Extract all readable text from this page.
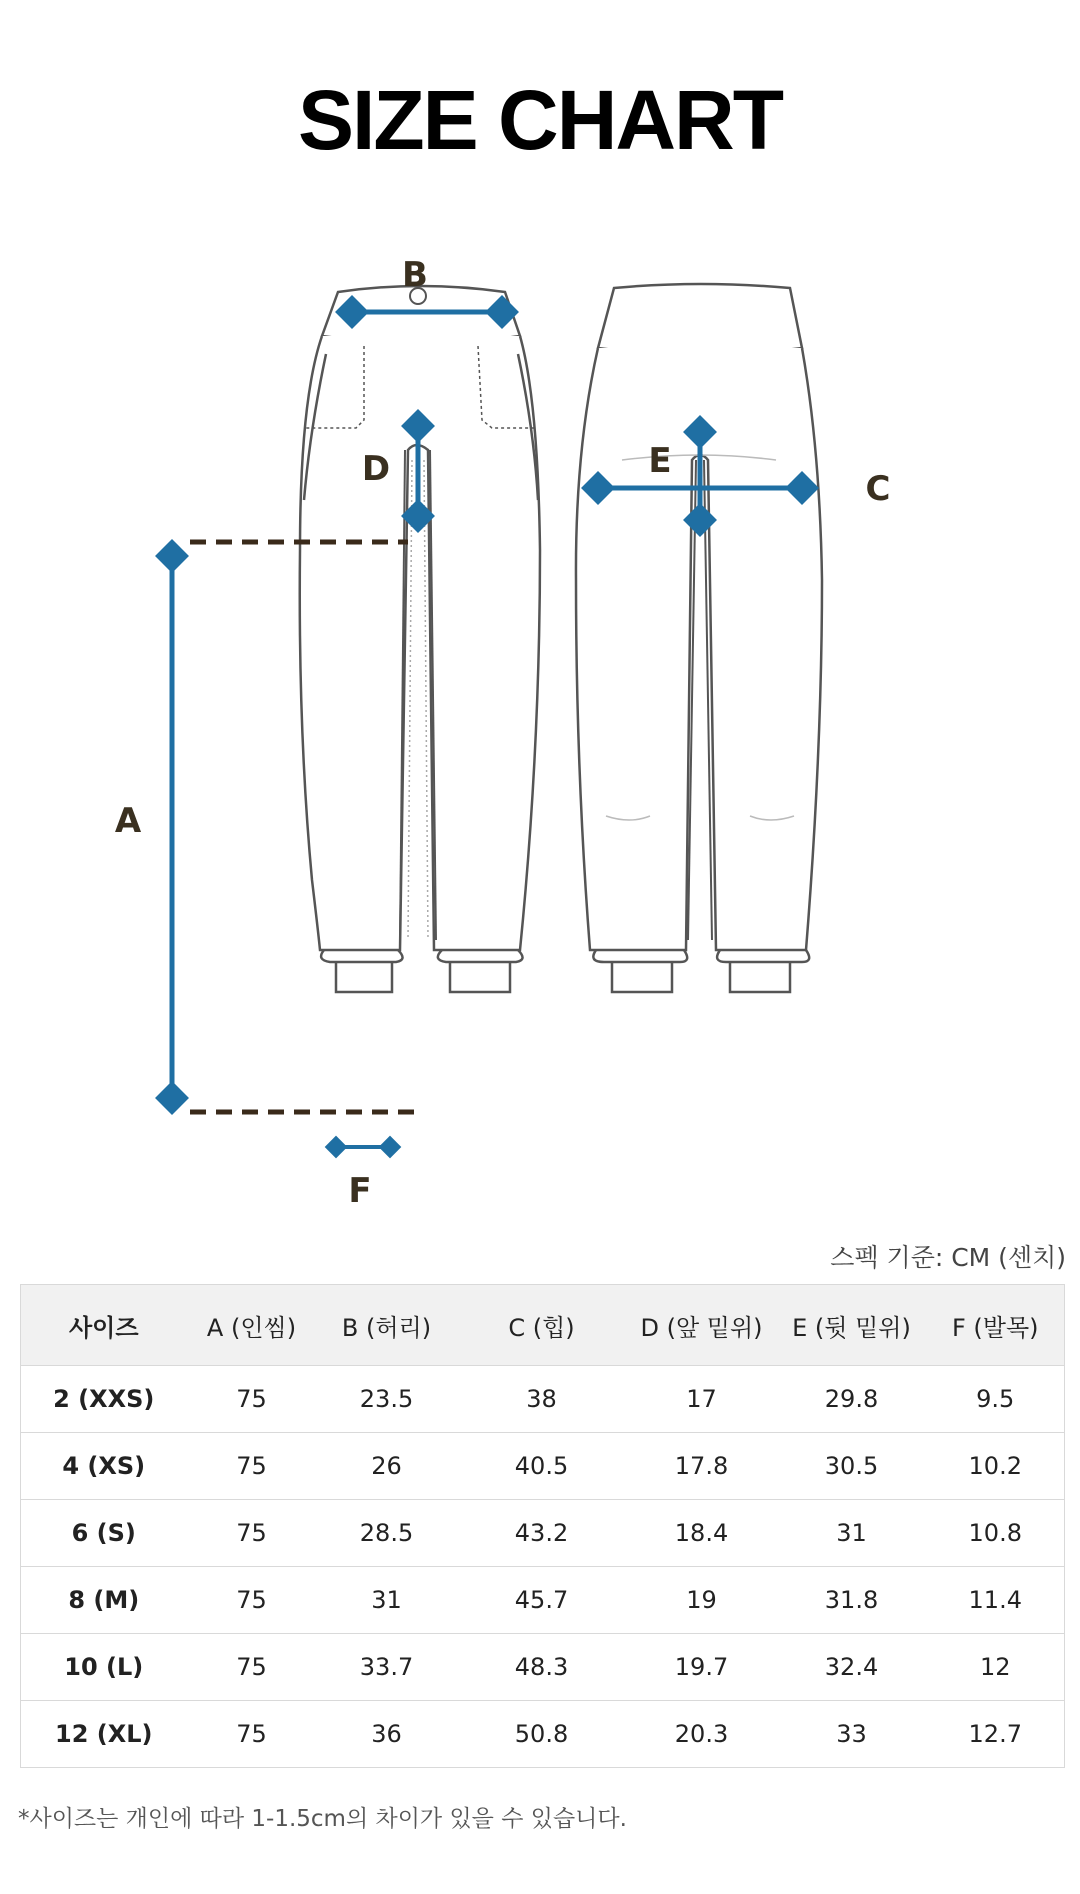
SIZE CHART
B
D
A
F
C
E
스펙 기준: CM (센치)
사이즈	A (인씸)	B (허리)	C (힙)	D (앞 밑위)	E (뒷 밑위)	F (발목)
2 (XXS)	75	23.5	38	17	29.8	9.5
4 (XS)	75	26	40.5	17.8	30.5	10.2
6 (S)	75	28.5	43.2	18.4	31	10.8
8 (M)	75	31	45.7	19	31.8	11.4
10 (L)	75	33.7	48.3	19.7	32.4	12
12 (XL)	75	36	50.8	20.3	33	12.7
*사이즈는 개인에 따라 1-1.5cm의 차이가 있을 수 있습니다.
